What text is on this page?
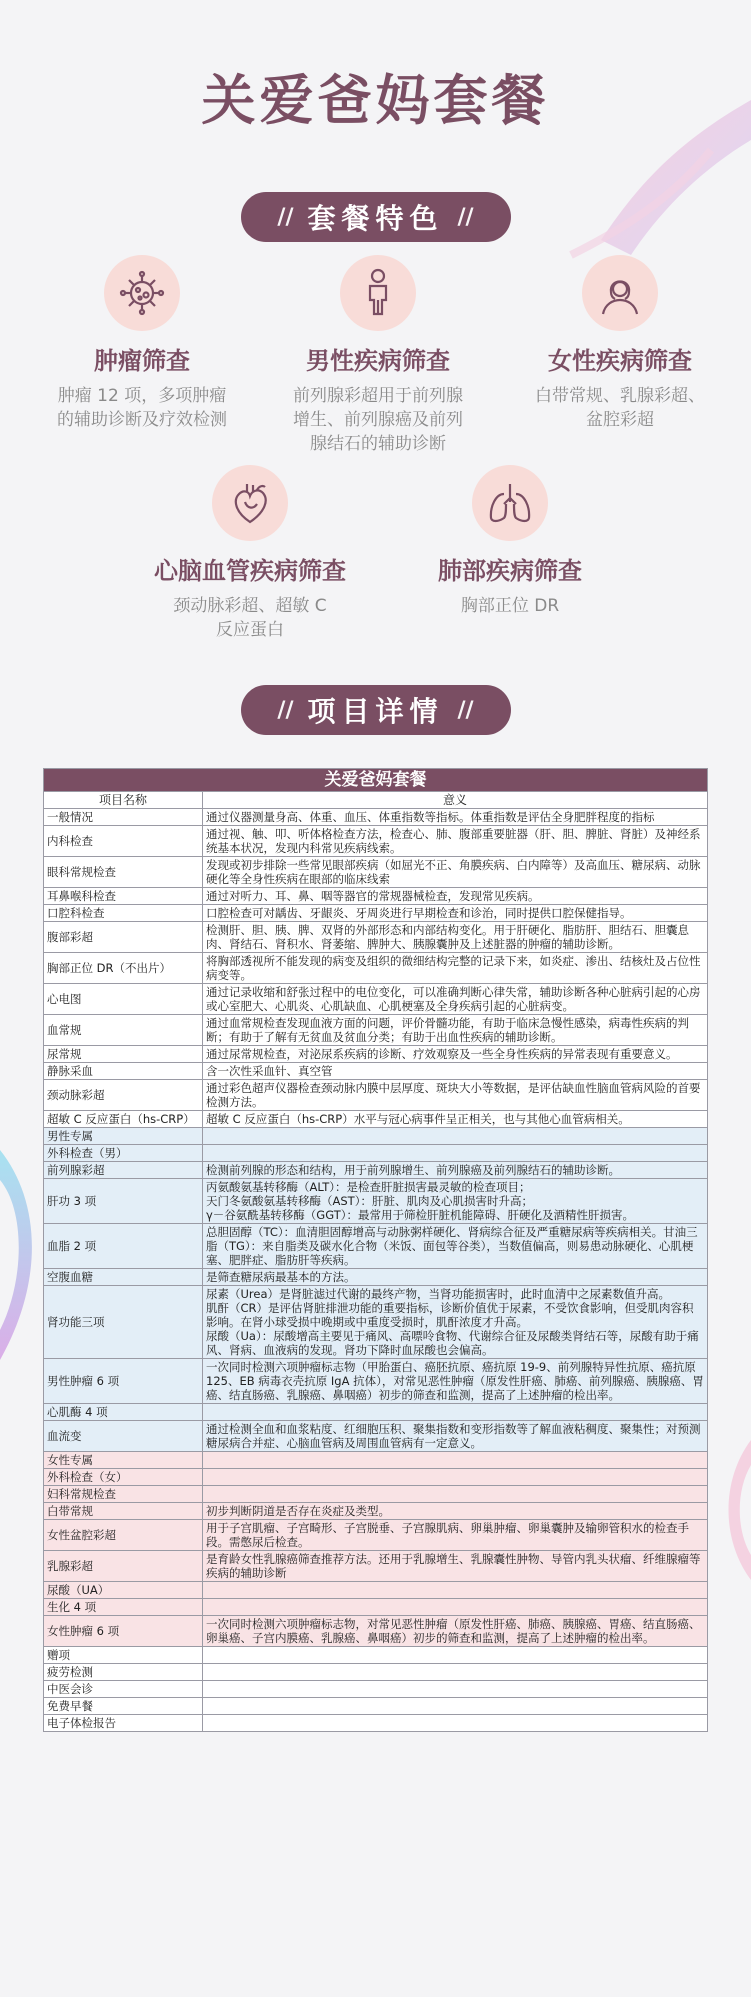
关爱爸妈套餐
// 套餐特色 //
肿瘤筛查
肿瘤 12 项，多项肿瘤
的辅助诊断及疗效检测
男性疾病筛查
前列腺彩超用于前列腺
增生、前列腺癌及前列
腺结石的辅助诊断
女性疾病筛查
白带常规、乳腺彩超、
盆腔彩超
心脑血管疾病筛查
颈动脉彩超、超敏 C
反应蛋白
肺部疾病筛查
胸部正位 DR
// 项目详情 //
关爱爸妈套餐	
项目名称	意义
一般情况	通过仪器测量身高、体重、血压、体重指数等指标。体重指数是评估全身肥胖程度的指标
内科检查	通过视、触、叩、听体格检查方法，检查心、肺、腹部重要脏器（肝、胆、脾脏、肾脏）及神经系统基本状况，发现内科常见疾病线索。
眼科常规检查	发现或初步排除一些常见眼部疾病（如屈光不正、角膜疾病、白内障等）及高血压、糖尿病、动脉硬化等全身性疾病在眼部的临床线索
耳鼻喉科检查	通过对听力、耳、鼻、咽等器官的常规器械检查，发现常见疾病。
口腔科检查	口腔检查可对龋齿、牙龈炎、牙周炎进行早期检查和诊治，同时提供口腔保健指导。
腹部彩超	检测肝、胆、胰、脾、双肾的外部形态和内部结构变化。用于肝硬化、脂肪肝、胆结石、胆囊息肉、肾结石、肾积水、肾萎缩、脾肿大、胰腺囊肿及上述脏器的肿瘤的辅助诊断。
胸部正位 DR（不出片）	将胸部透视所不能发现的病变及组织的微细结构完整的记录下来，如炎症、渗出、结核灶及占位性病变等。
心电图	通过记录收缩和舒张过程中的电位变化，可以准确判断心律失常，辅助诊断各种心脏病引起的心房或心室肥大、心肌炎、心肌缺血、心肌梗塞及全身疾病引起的心脏病变。
血常规	通过血常规检查发现血液方面的问题，评价骨髓功能，有助于临床急慢性感染，病毒性疾病的判断；有助于了解有无贫血及贫血分类；有助于出血性疾病的辅助诊断。
尿常规	通过尿常规检查，对泌尿系疾病的诊断、疗效观察及一些全身性疾病的异常表现有重要意义。
静脉采血	含一次性采血针、真空管
颈动脉彩超	通过彩色超声仪器检查颈动脉内膜中层厚度、斑块大小等数据，是评估缺血性脑血管病风险的首要检测方法。
超敏 C 反应蛋白（hs-CRP）	超敏 C 反应蛋白（hs-CRP）水平与冠心病事件呈正相关，也与其他心血管病相关。
男性专属	
外科检查（男）	
前列腺彩超	检测前列腺的形态和结构，用于前列腺增生、前列腺癌及前列腺结石的辅助诊断。
肝功 3 项	丙氨酸氨基转移酶（ALT）：是检查肝脏损害最灵敏的检查项目；
天门冬氨酸氨基转移酶（AST）：肝脏、肌肉及心肌损害时升高；
γ－谷氨酰基转移酶（GGT）：最常用于筛检肝脏机能障碍、肝硬化及酒精性肝损害。
血脂 2 项	总胆固醇（TC）：血清胆固醇增高与动脉粥样硬化、肾病综合征及严重糖尿病等疾病相关。甘油三脂（TG）：来自脂类及碳水化合物（米饭、面包等谷类），当数值偏高，则易患动脉硬化、心肌梗塞、肥胖症、脂肪肝等疾病。
空腹血糖	是筛查糖尿病最基本的方法。
肾功能三项	尿素（Urea）是肾脏滤过代谢的最终产物，当肾功能损害时，此时血清中之尿素数值升高。
肌酐（CR）是评估肾脏排泄功能的重要指标，诊断价值优于尿素，不受饮食影响，但受肌肉容积影响。在肾小球受损中晚期或中重度受损时，肌酐浓度才升高。
尿酸（Ua）：尿酸增高主要见于痛风、高嘌呤食物、代谢综合征及尿酸类肾结石等，尿酸有助于痛风、肾病、血液病的发现。肾功下降时血尿酸也会偏高。
男性肿瘤 6 项	一次同时检测六项肿瘤标志物（甲胎蛋白、癌胚抗原、癌抗原 19-9、前列腺特异性抗原、癌抗原 125、EB 病毒衣壳抗原 IgA 抗体），对常见恶性肿瘤（原发性肝癌、肺癌、前列腺癌、胰腺癌、胃癌、结直肠癌、乳腺癌、鼻咽癌）初步的筛查和监测，提高了上述肿瘤的检出率。
心肌酶 4 项	
血流变	通过检测全血和血浆粘度、红细胞压积、聚集指数和变形指数等了解血液粘稠度、聚集性；对预测糖尿病合并症、心脑血管病及周围血管病有一定意义。
女性专属	
外科检查（女）	
妇科常规检查	
白带常规	初步判断阴道是否存在炎症及类型。
女性盆腔彩超	用于子宫肌瘤、子宫畸形、子宫脱垂、子宫腺肌病、卵巢肿瘤、卵巢囊肿及输卵管积水的检查手段。需憋尿后检查。
乳腺彩超	是育龄女性乳腺癌筛查推荐方法。还用于乳腺增生、乳腺囊性肿物、导管内乳头状瘤、纤维腺瘤等疾病的辅助诊断
尿酸（UA）	
生化 4 项	
女性肿瘤 6 项	一次同时检测六项肿瘤标志物，对常见恶性肿瘤（原发性肝癌、肺癌、胰腺癌、胃癌、结直肠癌、卵巢癌、子宫内膜癌、乳腺癌、鼻咽癌）初步的筛查和监测，提高了上述肿瘤的检出率。
赠项	
疲劳检测	
中医会诊	
免费早餐	
电子体检报告	
